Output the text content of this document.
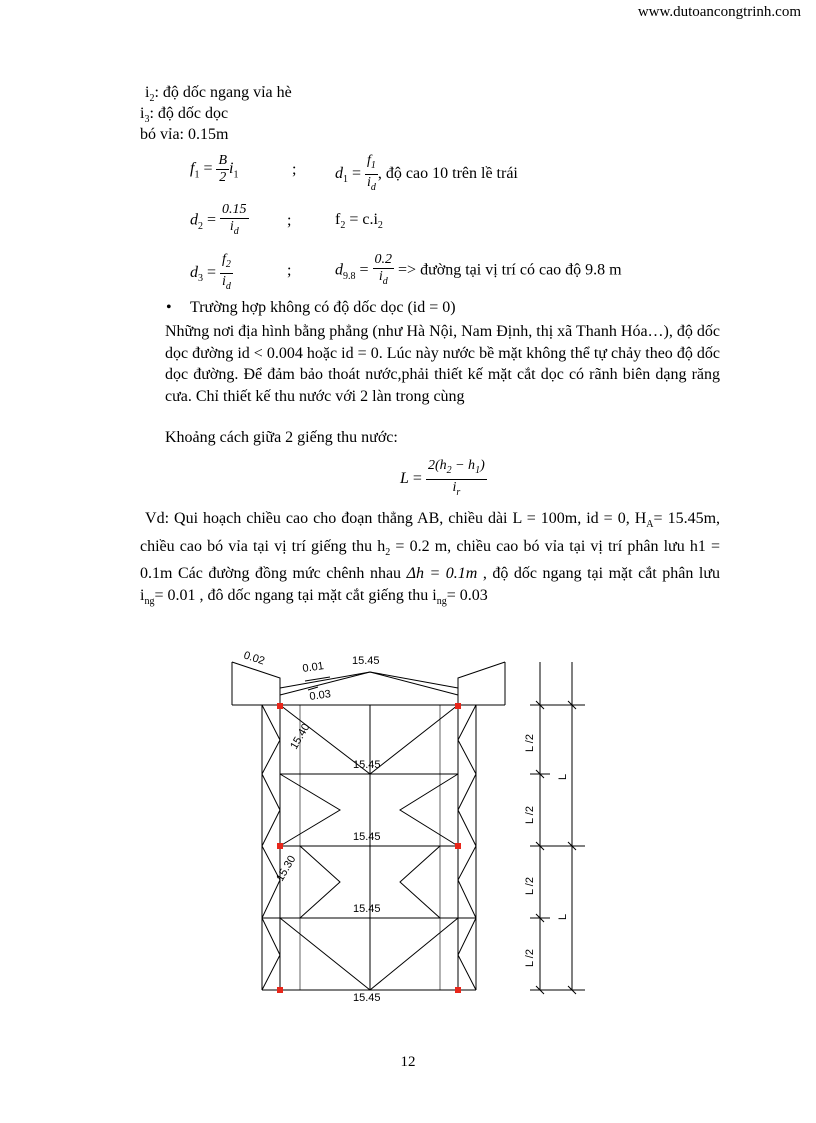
www.dutoancongtrinh.com
$i_2$: độ dốc ngang vỉa hè
$i_3$: độ dốc dọc
bó vỉa: 0.15m
$f_1 = \frac{B}{2} i_1$	; $d_1 = \frac{f_1}{i_d}$ , độ cao 10 trên lề trái
$d_2 = \frac{0.15}{i_d}$ ;	$f_2 = c.i_2$
$d_3 = \frac{f_2}{i_d}$	;	$d_{9.8} = \frac{0.2}{i_d}$ => đường tại vị trí có cao độ 9.8 m
• Trường hợp không có độ dốc dọc (id = 0)
Những nơi địa hình bằng phẳng (như Hà Nội, Nam Định, thị xã Thanh Hóa…), độ dốc dọc đường id < 0.004 hoặc id = 0. Lúc này nước bề mặt không thể tự chảy theo độ dốc dọc đường. Để đảm bảo thoát nước,phải thiết kế mặt cắt dọc có rãnh biên dạng răng cưa. Chỉ thiết kế thu nước với 2 làn trong cùng
Khoảng cách giữa 2 giếng thu nước:
$L = \frac{2(h_2 - h_1)}{i_r}$
Vd: Qui hoạch chiều cao cho đoạn thẳng AB, chiều dài L = 100m, id = 0, $H_A= 15.45m$, chiều cao bó vỉa tại vị trí giếng thu $h_2 = 0.2$ m, chiều cao bó vỉa tại vị trí phân lưu h1 = 0.1m Các đường đồng mức chênh nhau Δh = 0.1m , độ dốc ngang tại mặt cắt phân lưu $i_{ng}= 0.01$ , đô dốc ngang tại mặt cắt giếng thu $i_{ng}= 0.03$
0.02
0.01
0.03
15.45
15.40
15.45
15.45
15.30
15.45
15.45
L /2
L /2
L /2
L /2
L
L
12
